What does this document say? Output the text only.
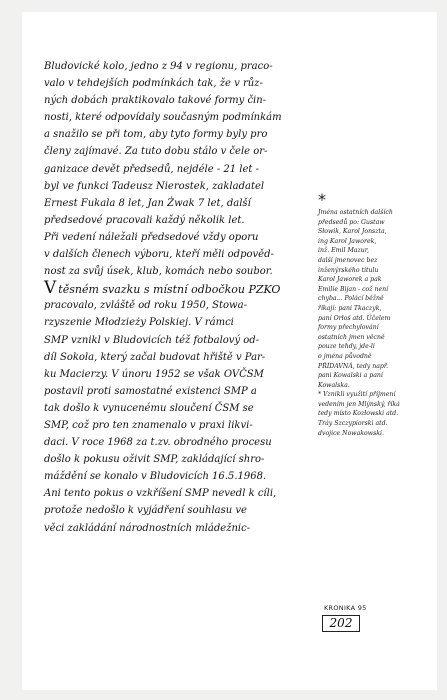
Bludovické kolo, jedno z 94 v regionu, praco-
valo v tehdejších podmínkách tak, že v růz-
ných dobách praktikovalo takové formy čin-
nosti, které odpovídaly současným podmínkám
a snažilo se při tom, aby tyto formy byly pro
členy zajímavé. Za tuto dobu stálo v čele or-
ganizace devět předsedů, nejdéle - 21 let -
byl ve funkci Tadeusz Nierostek, zakladatel
Ernest Fukala 8 let, Jan Żwak 7 let, další
předsedové pracovali každý několik let.
Při vedení náležali předsedové vždy oporu
v dalších členech výboru, kteří měli odpověd-
nost za svůj úsek, klub, komách nebo soubor.
Vtěsném svazku s místní odbočkou PZKO
pracovalo, zvláště od roku 1950, Stowa-
rzyszenie Młodzieży Polskiej. V rámci
SMP vznikl v Bludovicích též fotbalový od-
díl Sokola, který začal budovat hřiště v Par-
ku Macierzy. V únoru 1952 se však OVČSM
postavil proti samostatné existenci SMP a
tak došlo k vynucenému sloučení ČSM se
SMP, což pro ten znamenalo v praxi likvi-
daci. V roce 1968 za t.zv. obrodného procesu
došlo k pokusu oživit SMP, zakládající shro-
máždění se konalo v Bludovicích 16.5.1968.
Ani tento pokus o vzkříšení SMP nevedl k cíli,
protože nedošlo k vyjádření souhlasu ve
věci zakládání národnostních mládežnic-
*
Jména ostatních dalších
předsedů po: Gustaw
Słowik, Karol Jonszta,
ing Karol Jaworek,
inž. Emil Mazur,
další jmenovec bez
inženýrského titulu
Karol Jaworek a pak
Emilie Bijan - což není
chyba... Polácí běžně
říkají: pani Tkaczyk,
paní Orłoś atd. Účelem
formy přechylování
ostatních jmen věcně
pouze tehdy, jde-li
o jména původně
PŘÍDAVNÁ, tedy např.
pani Kowalski a paní
Kowalska.
* Vznikli využití příjmení
vedením jen Mlýnský, říká
tedy místo Kozłowski atd.
Tráy Szczypiorski atd.
dvojice Nowakowski.
KRONIKA 95
202
